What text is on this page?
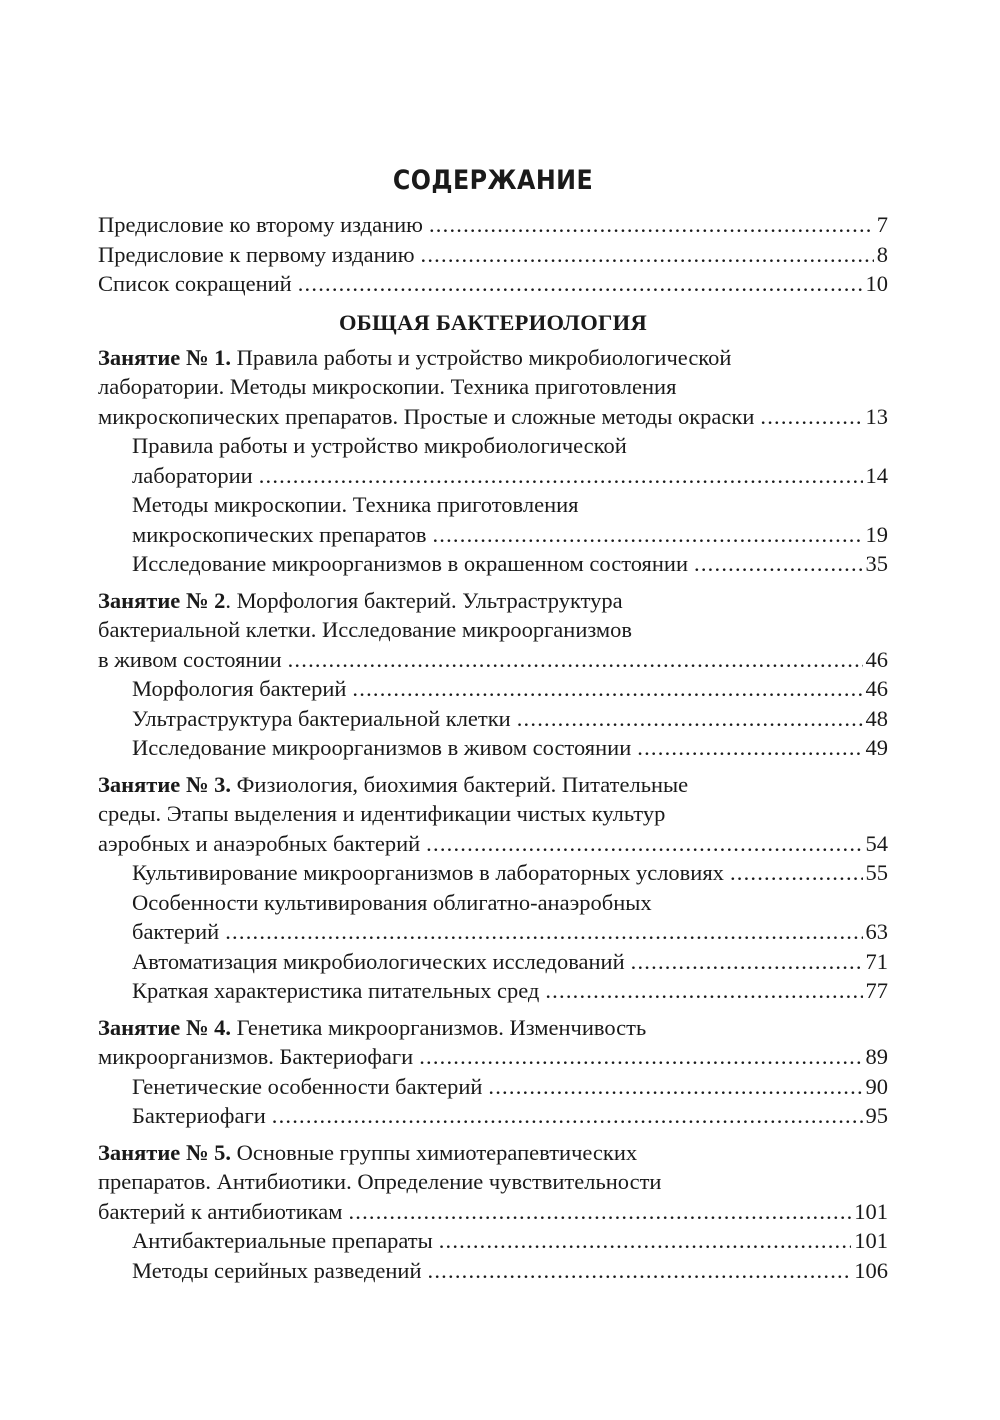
СОДЕРЖАНИЕ
Предисловие ко второму изданию .....	7
Предисловие к первому изданию .....	8
Список сокращений .....	10
ОБЩАЯ БАКТЕРИОЛОГИЯ
Занятие № 1. Правила работы и устройство микробиологической
лаборатории. Методы микроскопии. Техника приготовления
микроскопических препаратов. Простые и сложные методы окраски .....	13
Правила работы и устройство микробиологической
лаборатории .....	14
Методы микроскопии. Техника приготовления
микроскопических препаратов .....	19
Исследование микроорганизмов в окрашенном состоянии .....	35
Занятие № 2. Морфология бактерий. Ультраструктура
бактериальной клетки. Исследование микроорганизмов
в живом состоянии .....	46
Морфология бактерий .....	46
Ультраструктура бактериальной клетки .....	48
Исследование микроорганизмов в живом состоянии .....	49
Занятие № 3. Физиология, биохимия бактерий. Питательные
среды. Этапы выделения и идентификации чистых культур
аэробных и анаэробных бактерий .....	54
Культивирование микроорганизмов в лабораторных условиях .....	55
Особенности культивирования облигатно-анаэробных
бактерий .....	63
Автоматизация микробиологических исследований .....	71
Краткая характеристика питательных сред .....	77
Занятие № 4. Генетика микроорганизмов. Изменчивость
микроорганизмов. Бактериофаги .....	89
Генетические особенности бактерий .....	90
Бактериофаги .....	95
Занятие № 5. Основные группы химиотерапевтических
препаратов. Антибиотики. Определение чувствительности
бактерий к антибиотикам .....	101
Антибактериальные препараты .....	101
Методы серийных разведений .....	106
